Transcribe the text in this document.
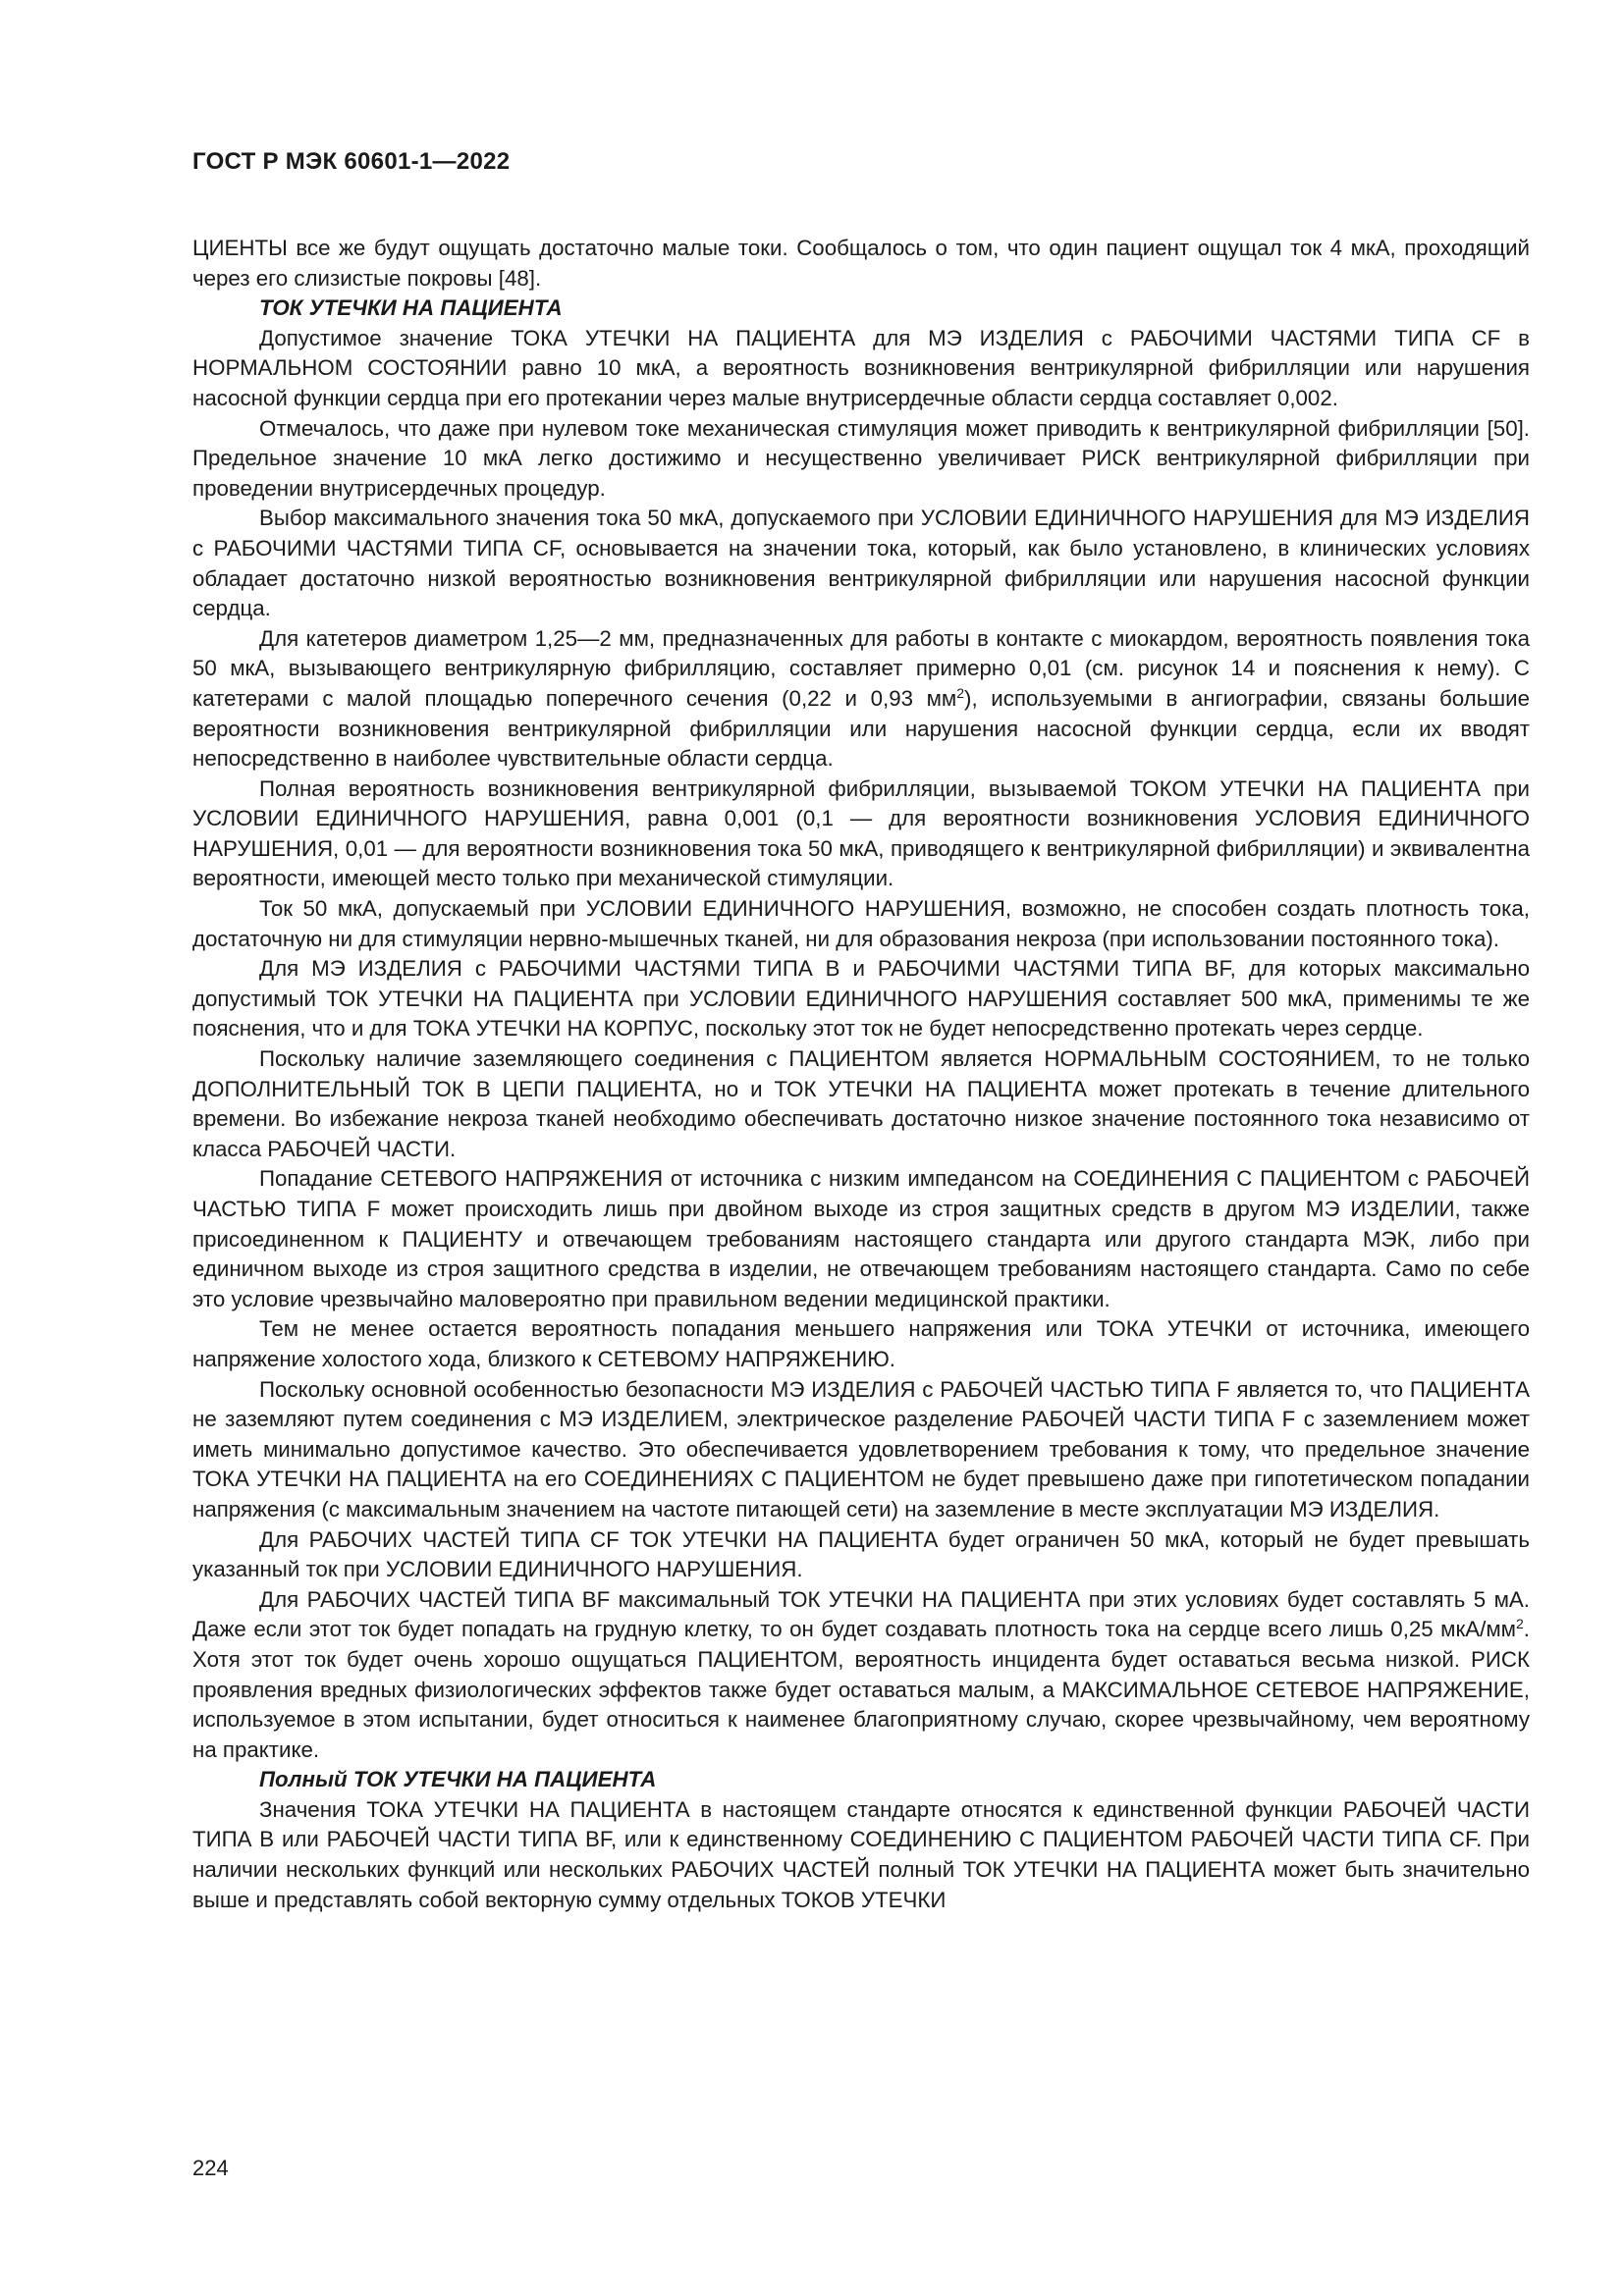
ГОСТ Р МЭК 60601-1—2022

ЦИЕНТЫ все же будут ощущать достаточно малые токи. Сообщалось о том, что один пациент ощущал ток 4 мкА, проходящий через его слизистые покровы [48].

ТОК УТЕЧКИ НА ПАЦИЕНТА

Допустимое значение ТОКА УТЕЧКИ НА ПАЦИЕНТА для МЭ ИЗДЕЛИЯ с РАБОЧИМИ ЧАСТЯМИ ТИПА CF в НОРМАЛЬНОМ СОСТОЯНИИ равно 10 мкА, а вероятность возникновения вентрикулярной фибрилляции или нарушения насосной функции сердца при его протекании через малые внутрисердечные области сердца составляет 0,002.

Отмечалось, что даже при нулевом токе механическая стимуляция может приводить к вентрикулярной фибрилляции [50]. Предельное значение 10 мкА легко достижимо и несущественно увеличивает РИСК вентрикулярной фибрилляции при проведении внутрисердечных процедур.

Выбор максимального значения тока 50 мкА, допускаемого при УСЛОВИИ ЕДИНИЧНОГО НАРУШЕНИЯ для МЭ ИЗДЕЛИЯ с РАБОЧИМИ ЧАСТЯМИ ТИПА CF, основывается на значении тока, который, как было установлено, в клинических условиях обладает достаточно низкой вероятностью возникновения вентрикулярной фибрилляции или нарушения насосной функции сердца.

Для катетеров диаметром 1,25—2 мм, предназначенных для работы в контакте с миокардом, вероятность появления тока 50 мкА, вызывающего вентрикулярную фибрилляцию, составляет примерно 0,01 (см. рисунок 14 и пояснения к нему). С катетерами с малой площадью поперечного сечения (0,22 и 0,93 $мм^2$), используемыми в ангиографии, связаны большие вероятности возникновения вентрикулярной фибрилляции или нарушения насосной функции сердца, если их вводят непосредственно в наиболее чувствительные области сердца.

Полная вероятность возникновения вентрикулярной фибрилляции, вызываемой ТОКОМ УТЕЧКИ НА ПАЦИЕНТА при УСЛОВИИ ЕДИНИЧНОГО НАРУШЕНИЯ, равна 0,001 (0,1 — для вероятности возникновения УСЛОВИЯ ЕДИНИЧНОГО НАРУШЕНИЯ, 0,01 — для вероятности возникновения тока 50 мкА, приводящего к вентрикулярной фибрилляции) и эквивалентна вероятности, имеющей место только при механической стимуляции.

Ток 50 мкА, допускаемый при УСЛОВИИ ЕДИНИЧНОГО НАРУШЕНИЯ, возможно, не способен создать плотность тока, достаточную ни для стимуляции нервно-мышечных тканей, ни для образования некроза (при использовании постоянного тока).

Для МЭ ИЗДЕЛИЯ с РАБОЧИМИ ЧАСТЯМИ ТИПА B и РАБОЧИМИ ЧАСТЯМИ ТИПА BF, для которых максимально допустимый ТОК УТЕЧКИ НА ПАЦИЕНТА при УСЛОВИИ ЕДИНИЧНОГО НАРУШЕНИЯ составляет 500 мкА, применимы те же пояснения, что и для ТОКА УТЕЧКИ НА КОРПУС, поскольку этот ток не будет непосредственно протекать через сердце.

Поскольку наличие заземляющего соединения с ПАЦИЕНТОМ является НОРМАЛЬНЫМ СОСТОЯНИЕМ, то не только ДОПОЛНИТЕЛЬНЫЙ ТОК В ЦЕПИ ПАЦИЕНТА, но и ТОК УТЕЧКИ НА ПАЦИЕНТА может протекать в течение длительного времени. Во избежание некроза тканей необходимо обеспечивать достаточно низкое значение постоянного тока независимо от класса РАБОЧЕЙ ЧАСТИ.

Попадание СЕТЕВОГО НАПРЯЖЕНИЯ от источника с низким импедансом на СОЕДИНЕНИЯ С ПАЦИЕНТОМ с РАБОЧЕЙ ЧАСТЬЮ ТИПА F может происходить лишь при двойном выходе из строя защитных средств в другом МЭ ИЗДЕЛИИ, также присоединенном к ПАЦИЕНТУ и отвечающем требованиям настоящего стандарта или другого стандарта МЭК, либо при единичном выходе из строя защитного средства в изделии, не отвечающем требованиям настоящего стандарта. Само по себе это условие чрезвычайно маловероятно при правильном ведении медицинской практики.

Тем не менее остается вероятность попадания меньшего напряжения или ТОКА УТЕЧКИ от источника, имеющего напряжение холостого хода, близкого к СЕТЕВОМУ НАПРЯЖЕНИЮ.

Поскольку основной особенностью безопасности МЭ ИЗДЕЛИЯ с РАБОЧЕЙ ЧАСТЬЮ ТИПА F является то, что ПАЦИЕНТА не заземляют путем соединения с МЭ ИЗДЕЛИЕМ, электрическое разделение РАБОЧЕЙ ЧАСТИ ТИПА F с заземлением может иметь минимально допустимое качество. Это обеспечивается удовлетворением требования к тому, что предельное значение ТОКА УТЕЧКИ НА ПАЦИЕНТА на его СОЕДИНЕНИЯХ С ПАЦИЕНТОМ не будет превышено даже при гипотетическом попадании напряжения (с максимальным значением на частоте питающей сети) на заземление в месте эксплуатации МЭ ИЗДЕЛИЯ.

Для РАБОЧИХ ЧАСТЕЙ ТИПА CF ТОК УТЕЧКИ НА ПАЦИЕНТА будет ограничен 50 мкА, который не будет превышать указанный ток при УСЛОВИИ ЕДИНИЧНОГО НАРУШЕНИЯ.

Для РАБОЧИХ ЧАСТЕЙ ТИПА BF максимальный ТОК УТЕЧКИ НА ПАЦИЕНТА при этих условиях будет составлять 5 мА. Даже если этот ток будет попадать на грудную клетку, то он будет создавать плотность тока на сердце всего лишь 0,25 мкА/$мм^2$. Хотя этот ток будет очень хорошо ощущаться ПАЦИЕНТОМ, вероятность инцидента будет оставаться весьма низкой. РИСК проявления вредных физиологических эффектов также будет оставаться малым, а МАКСИМАЛЬНОЕ СЕТЕВОЕ НАПРЯЖЕНИЕ, используемое в этом испытании, будет относиться к наименее благоприятному случаю, скорее чрезвычайному, чем вероятному на практике.

Полный ТОК УТЕЧКИ НА ПАЦИЕНТА

Значения ТОКА УТЕЧКИ НА ПАЦИЕНТА в настоящем стандарте относятся к единственной функции РАБОЧЕЙ ЧАСТИ ТИПА B или РАБОЧЕЙ ЧАСТИ ТИПА BF, или к единственному СОЕДИНЕНИЮ С ПАЦИЕНТОМ РАБОЧЕЙ ЧАСТИ ТИПА CF. При наличии нескольких функций или нескольких РАБОЧИХ ЧАСТЕЙ полный ТОК УТЕЧКИ НА ПАЦИЕНТА может быть значительно выше и представлять собой векторную сумму отдельных ТОКОВ УТЕЧКИ

224
